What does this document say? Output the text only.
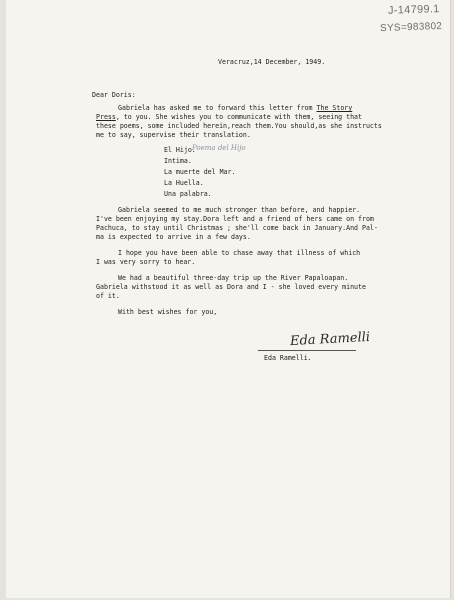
J-14799.1
SYS=983802
Veracruz,14 December, 1949.
Dear Doris:
Gabriela has asked me to forward this letter from The Story
Press, to you. She wishes you to communicate with them, seeing that
these poems, some included herein,reach them.You should,as she instructs
me to say, supervise their translation.
El Hijo.
Poema del Hijo
Intima.
La muerte del Mar.
La Huella.
Una palabra.
Gabriela seemed to me much stronger than before, and happier.
I've been enjoying my stay.Dora left and a friend of hers came on from
Pachuca, to stay until Christmas ; she'll come back in January.And Pal-
ma is expected to arrive in a few days.
I hope you have been able to chase away that illness of which
I was very sorry to hear.
We had a beautiful three-day trip up the River Papaloapan.
Gabriela withstood it as well as Dora and I - she loved every minute
of it.
With best wishes for you,
Eda Ramelli
Eda Ramelli.
